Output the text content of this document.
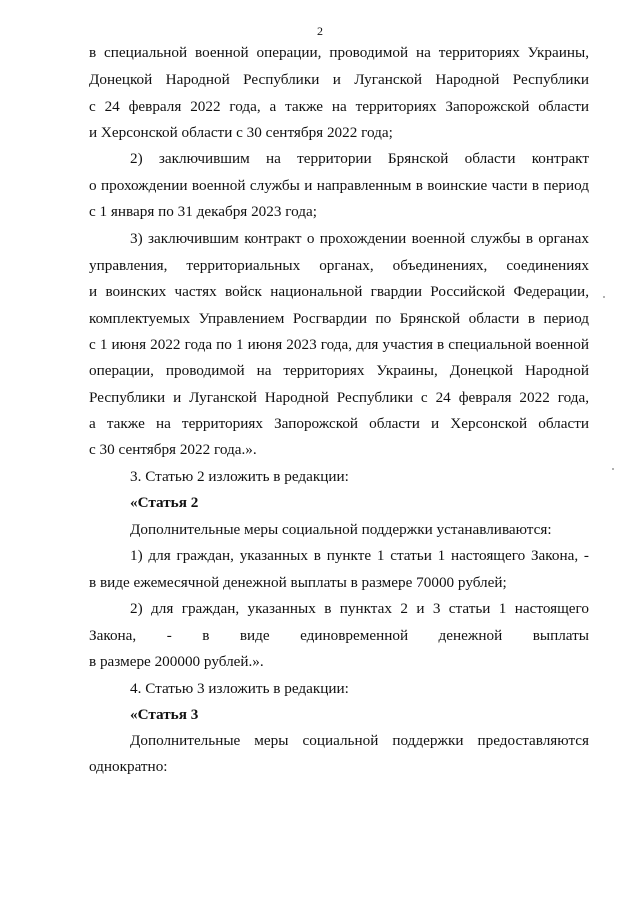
2
в специальной военной операции, проводимой на территориях Украины,
Донецкой Народной Республики и Луганской Народной Республики
с 24 февраля 2022 года, а также на территориях Запорожской области
и Херсонской области с 30 сентября 2022 года;
2) заключившим на территории Брянской области контракт
о прохождении военной службы и направленным в воинские части в период
с 1 января по 31 декабря 2023 года;
3) заключившим контракт о прохождении военной службы в органах
управления, территориальных органах, объединениях, соединениях
и воинских частях войск национальной гвардии Российской Федерации,
комплектуемых Управлением Росгвардии по Брянской области в период
с 1 июня 2022 года по 1 июня 2023 года, для участия в специальной военной
операции, проводимой на территориях Украины, Донецкой Народной
Республики и Луганской Народной Республики с 24 февраля 2022 года,
а также на территориях Запорожской области и Херсонской области
с 30 сентября 2022 года.».
3. Статью 2 изложить в редакции:
«Статья 2
Дополнительные меры социальной поддержки устанавливаются:
1) для граждан, указанных в пункте 1 статьи 1 настоящего Закона, -
в виде ежемесячной денежной выплаты в размере 70000 рублей;
2) для граждан, указанных в пунктах 2 и 3 статьи 1 настоящего
Закона, - в виде единовременной денежной выплаты
в размере 200000 рублей.».
4. Статью 3 изложить в редакции:
«Статья 3
Дополнительные меры социальной поддержки предоставляются
однократно:
